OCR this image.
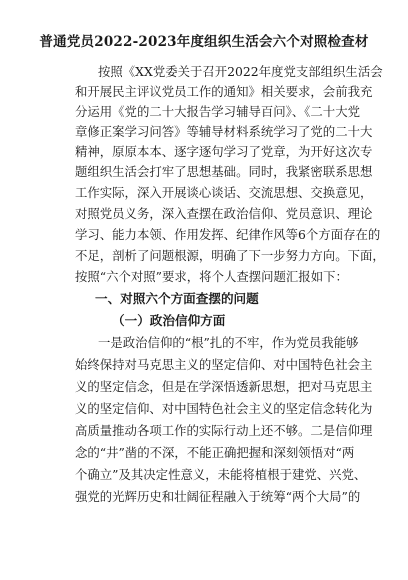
普通党员2022-2023年度组织生活会六个对照检查材
按照《XX党委关于召开2022年度党支部组织生活会
和开展民主评议党员工作的通知》相关要求，会前我充
分运用《党的二十大报告学习辅导百问》、《二十大党
章修正案学习问答》等辅导材料系统学习了党的二十大
精神，原原本本、逐字逐句学习了党章，为开好这次专
题组织生活会打牢了思想基础。同时，我紧密联系思想
工作实际，深入开展谈心谈话、交流思想、交换意见，
对照党员义务，深入查摆在政治信仰、党员意识、理论
学习、能力本领、作用发挥、纪律作风等6个方面存在的
不足，剖析了问题根源，明确了下一步努力方向。下面，
按照“六个对照”要求，将个人查摆问题汇报如下：
一、对照六个方面查摆的问题
（一）政治信仰方面
一是政治信仰的“根”扎的不牢，作为党员我能够
始终保持对马克思主义的坚定信仰、对中国特色社会主
义的坚定信念，但是在学深悟透新思想，把对马克思主
义的坚定信仰、对中国特色社会主义的坚定信念转化为
高质量推动各项工作的实际行动上还不够。二是信仰理
念的“井”凿的不深，不能正确把握和深刻领悟对“两
个确立”及其决定性意义，未能将植根于建党、兴党、
强党的光辉历史和壮阔征程融入于统筹“两个大局”的
